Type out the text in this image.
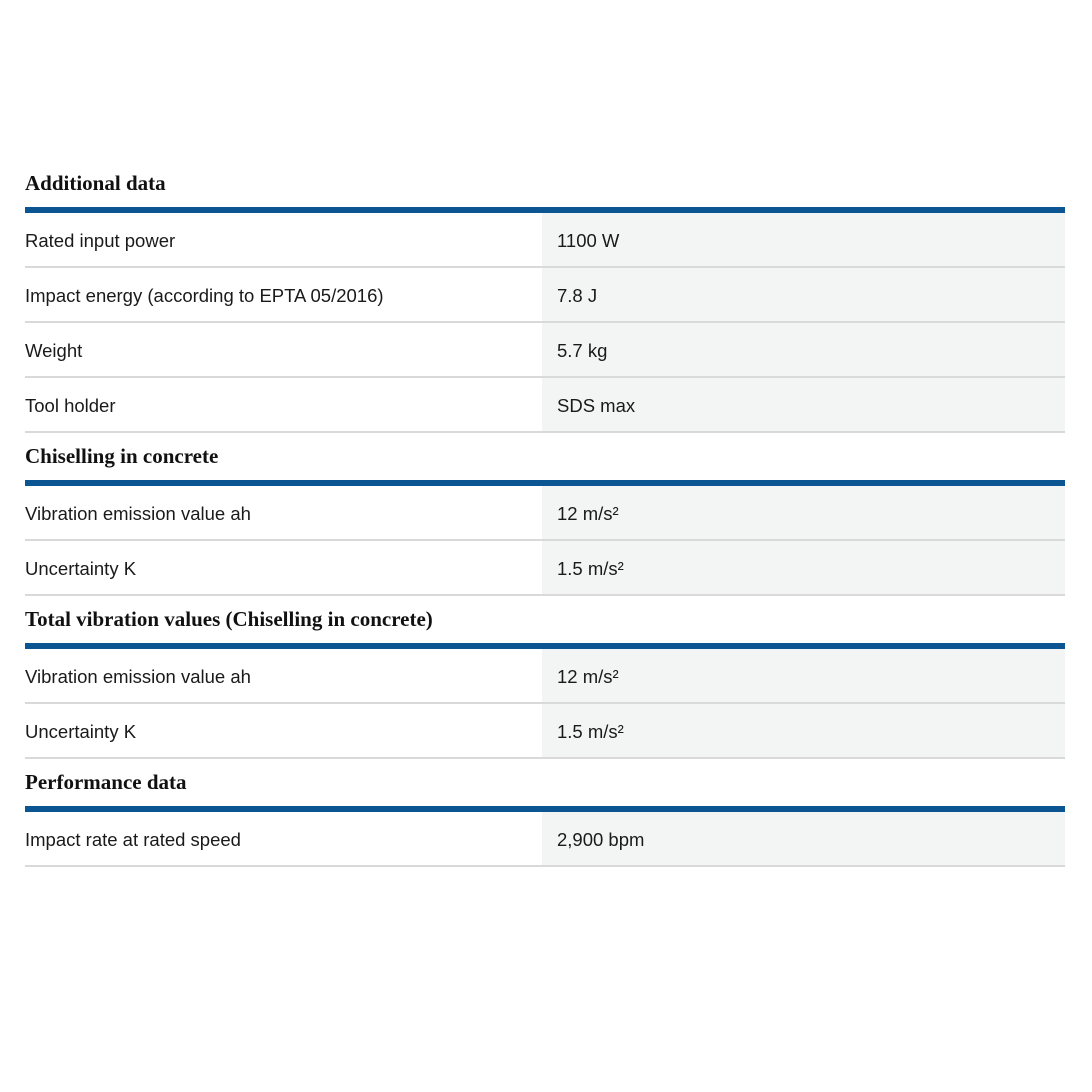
Additional data
Rated input power	1100 W
Impact energy (according to EPTA 05/2016)	7.8 J
Weight	5.7 kg
Tool holder	SDS max
Chiselling in concrete
Vibration emission value ah	12 m/s²
Uncertainty K	1.5 m/s²
Total vibration values (Chiselling in concrete)
Vibration emission value ah	12 m/s²
Uncertainty K	1.5 m/s²
Performance data
Impact rate at rated speed	2,900 bpm
